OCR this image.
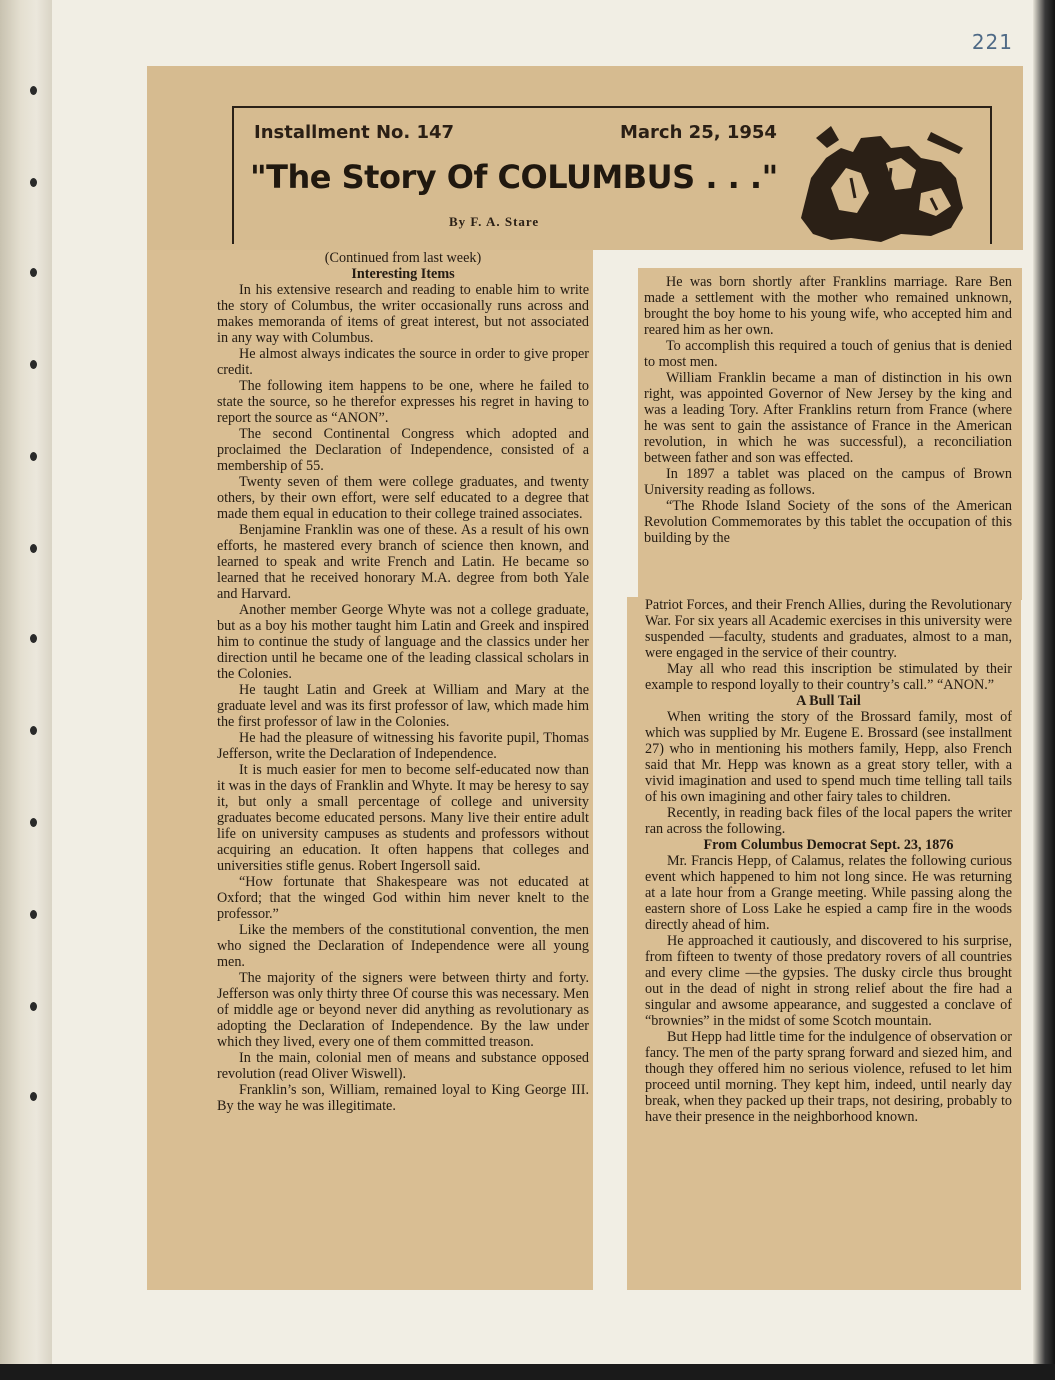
221
Installment No. 147	March 25, 1954
"The Story Of COLUMBUS . . ."
By F. A. Stare

(Continued from last week)

Interesting Items

In his extensive research and reading to enable him to write the story of Columbus, the writer occasionally runs across and makes memoranda of items of great interest, but not associated in any way with Columbus.

He almost always indicates the source in order to give proper credit.

The following item happens to be one, where he failed to state the source, so he therefor expresses his regret in having to report the source as “ANON”.

The second Continental Congress which adopted and proclaimed the Declaration of Independence, consisted of a membership of 55.

Twenty seven of them were college graduates, and twenty others, by their own effort, were self educated to a degree that made them equal in education to their college trained associates.

Benjamine Franklin was one of these. As a result of his own efforts, he mastered every branch of science then known, and learned to speak and write French and Latin. He became so learned that he received honorary M.A. degree from both Yale and Harvard.

Another member George Whyte was not a college graduate, but as a boy his mother taught him Latin and Greek and inspired him to continue the study of language and the classics under her direction until he became one of the leading classical scholars in the Colonies.

He taught Latin and Greek at William and Mary at the graduate level and was its first professor of law, which made him the first professor of law in the Colonies.

He had the pleasure of witnessing his favorite pupil, Thomas Jefferson, write the Declaration of Independence.

It is much easier for men to become self-educated now than it was in the days of Franklin and Whyte. It may be heresy to say it, but only a small percentage of college and university graduates become educated persons. Many live their entire adult life on university campuses as students and professors without acquiring an education. It often happens that colleges and universities stifle genus. Robert Ingersoll said.

“How fortunate that Shakespeare was not educated at Oxford; that the winged God within him never knelt to the professor.”

Like the members of the constitutional convention, the men who signed the Declaration of Independence were all young men.

The majority of the signers were between thirty and forty. Jefferson was only thirty three Of course this was necessary. Men of middle age or beyond never did anything as revolutionary as adopting the Declaration of Independence. By the law under which they lived, every one of them committed treason.

In the main, colonial men of means and substance opposed revolution (read Oliver Wiswell).

Franklin’s son, William, remained loyal to King George III. By the way he was illegitimate.

He was born shortly after Franklins marriage. Rare Ben made a settlement with the mother who remained unknown, brought the boy home to his young wife, who accepted him and reared him as her own.

To accomplish this required a touch of genius that is denied to most men.

William Franklin became a man of distinction in his own right, was appointed Governor of New Jersey by the king and was a leading Tory. After Franklins return from France (where he was sent to gain the assistance of France in the American revolution, in which he was successful), a reconciliation between father and son was effected.

In 1897 a tablet was placed on the campus of Brown University reading as follows.

“The Rhode Island Society of the sons of the American Revolution Commemorates by this tablet the occupation of this building by the

Patriot Forces, and their French Allies, during the Revolutionary War. For six years all Academic exercises in this university were suspended —faculty, students and graduates, almost to a man, were engaged in the service of their country.

May all who read this inscription be stimulated by their example to respond loyally to their country’s call.” “ANON.”

A Bull Tail

When writing the story of the Brossard family, most of which was supplied by Mr. Eugene E. Brossard (see installment 27) who in mentioning his mothers family, Hepp, also French said that Mr. Hepp was known as a great story teller, with a vivid imagination and used to spend much time telling tall tails of his own imagining and other fairy tales to children.

Recently, in reading back files of the local papers the writer ran across the following.

From Columbus Democrat Sept. 23, 1876

Mr. Francis Hepp, of Calamus, relates the following curious event which happened to him not long since. He was returning at a late hour from a Grange meeting. While passing along the eastern shore of Loss Lake he espied a camp fire in the woods directly ahead of him.

He approached it cautiously, and discovered to his surprise, from fifteen to twenty of those predatory rovers of all countries and every clime —the gypsies. The dusky circle thus brought out in the dead of night in strong relief about the fire had a singular and awsome appearance, and suggested a conclave of “brownies” in the midst of some Scotch mountain.

But Hepp had little time for the indulgence of observation or fancy. The men of the party sprang forward and siezed him, and though they offered him no serious violence, refused to let him proceed until morning. They kept him, indeed, until nearly day break, when they packed up their traps, not desiring, probably to have their presence in the neighborhood known.
